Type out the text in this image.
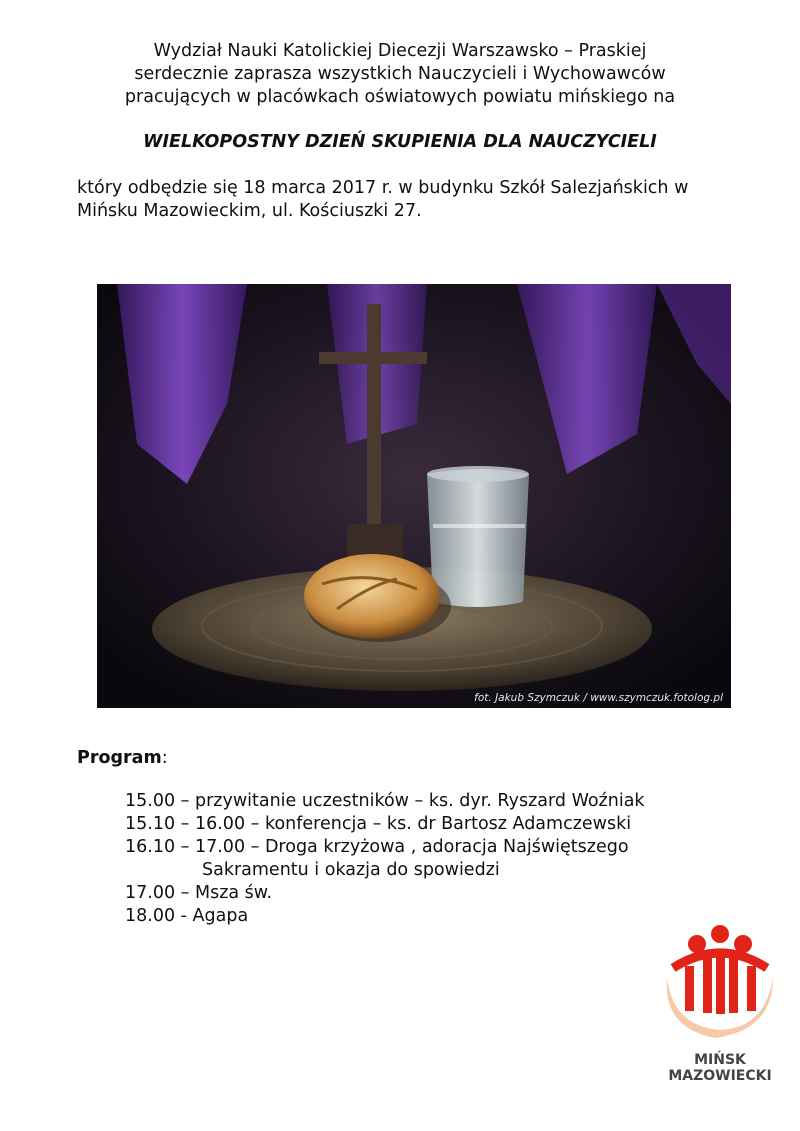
Wydział Nauki Katolickiej Diecezji Warszawsko – Praskiej
serdecznie zaprasza wszystkich Nauczycieli i Wychowawców
pracujących w placówkach oświatowych powiatu mińskiego na
WIELKOPOSTNY DZIEŃ SKUPIENIA DLA NAUCZYCIELI
który odbędzie się 18 marca 2017 r. w budynku Szkół Salezjańskich w
Mińsku Mazowieckim, ul. Kościuszki 27.
fot. Jakub Szymczuk / www.szymczuk.fotolog.pl
Program:
15.00 – przywitanie uczestników – ks. dyr. Ryszard Woźniak
15.10 – 16.00 – konferencja – ks. dr Bartosz Adamczewski
16.10 – 17.00 – Droga krzyżowa , adoracja Najświętszego
Sakramentu i okazja do spowiedzi
17.00 – Msza św.
18.00 - Agapa
MIŃSK
MAZOWIECKI
